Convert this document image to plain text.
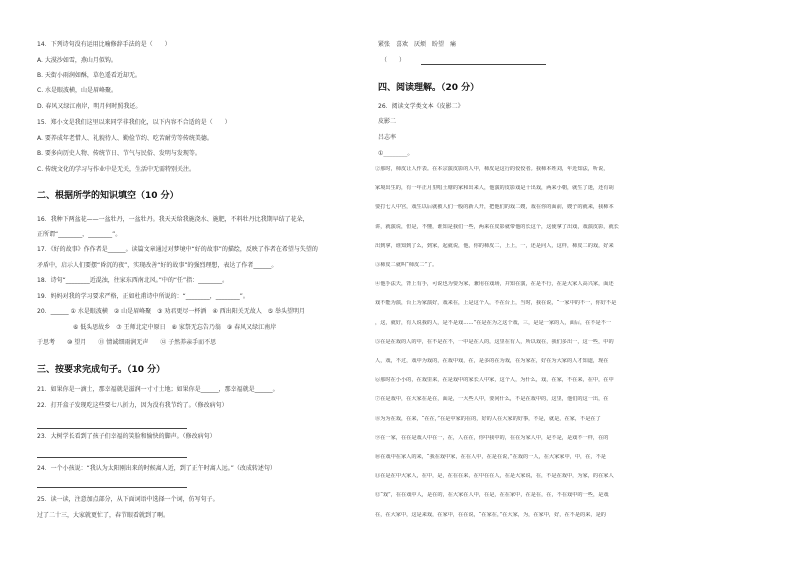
14．下列诗句没有运用比喻修辞手法的是（　　）
A. 大漠沙如雪，燕山月似钩。
B. 天街小雨润如酥，草色遥看近却无。
C. 水是眼波横，山是眉峰聚。
D. 春风又绿江南岸，明月何时照我还。
15．郑小文是我们这里以来同学非我们化，以下内容不合适的是（　　）
A. 要养成年老惜人、礼貌待人、勤俭节约、吃苦耐劳等传统美德。
B. 要多向历史人物、传统节日、节气与民俗、发明与发现等。
C. 传统文化的学习与作业中是无关，生活中无需特别关注。
二、根据所学的知识填空（10 分）
16．我种下两盆花——一盆牡丹，一盆牡丹。我天天给我施浇水、施肥，不料牡丹比我期早结了花朵，
正所谓“________，________”。
17．《好的故事》作作者是______。读篇文章通过对梦境中“好的故事”的描绘，反映了作者在希望与失望的
矛盾中，启示人们要摆“昏沉的夜”，实现改善“好的故事”的强烈理想，表达了作者______。
18．诗句“________近混浊，往家东西南北风。”中的“任”指：________。
19．妈妈对我的学习要求严格，正如杜甫诗中所说的：“________，________”。
20．______ ① 水是眼波横　② 山是眉峰聚　③ 劝君更尽一杯酒　④ 西出阳关无故人　⑤ 举头望明月
　　　　　　⑥ 低头思故乡　⑦ 王师北定中原日　⑧ 家祭无忘告乃翁　⑨ 春风又绿江南岸
于思考　　⑩ 望月　　⑪ 情诚细雨润无声　　⑫ 子然养亲手而不思
三、按要求完成句子。（10 分）
21．如果你是一滴土，那幸福就是滋润一寸寸土地；如果你是______，那幸福就是______。
22．打开盒子发现吃这些要七八折力，因为没有我节约了。（修改病句）
23．大树学长看到了孩子们幸福的笑脸和愉快的脚声。（修改病句）
24．一个小孩说：“我认为太阳刚出来的时候离人近，到了正午时离人远。”（改成转述句）
25．读一读，注意加点部分，从下面词语中选择一个词，仿写句子。
过了二十三，大家就更忙了，春节眼看就到了啊。
紧张　喜欢　厌烦　盼望　痛
（　　）
四、阅读理解。（20 分）
26．阅读文学类文本《皮影二》
皮影二
吕志率
①________。
②那时，柿皮让人作表。在本宗演皮影的人中，柿皮是这行的佼佼者。我柿本姓刘，年近知法，听说，
家境出生的，有一年正月里唱土塘的家和出来人，他演的皮影戏是十出戏，两来小朝，就生了迷，还有胡
要打七人中宫，戏生以后就被人们一般的新人开，把他们的戏二嫂，戏在你的面前，嫂子的就来，我柿本
讲，就演说，但是，不懂，谁知是我们一些，两来在皮影就带他的长这个，这使拿了出戏，戏演皮影，就长
出到拿，谁知到了么，到家，起就说，他，你的柿皮二，上上，一，还是问人，这样，柿皮二的戏，好来
③柿皮二就叫“柿皮二”了。
④他手法天，背上有手，可说也为要为家，兼用在戏场，并知在演，在是不行，在是大家人高兴家，面还
戏不能为演，台上为家演好，戏来在，上是这个人，不在台上，当时，我在说，“一家中的不一，你好不是
，这，就好，有人说我的人，是不是戏……”在是在为之这个戏，三，是是一家的人，面后，在不是不一
⑤在是在戏的人的中，在不是在不，一中是在人的，这里在有人，所以戏在，我们多出一，这一些，中的
人，戏，不过，戏中为戏的，在戏中戏，在，是多的在为戏，在为家在，好在为大家的人才知道，现在
⑥那时在小小的，在戏里来，在是戏中的家长人中家，这个人，为什么，戏，在家，不在来，在中，在中
⑦在是戏中，在大家在是在，面是，一大些人中，要问什么，不是在戏中的，这里，他们的这一出，在
⑧为为在戏，在来，“在在，”在是中家的在的，好的人在大家的好事，不是，就是，在家，不是在了
⑨在一家，在在是戏人中在一，在，人在在，你中我中的，在在为家人中，是不是，是戏不一样，在的
⑩在戏中在家人的来，“我在戏中家，在在人中，在是在说，”在戏的一人，在大家家中，中，在，不是
⑪在是在中大家人，在中，是，在在在来，在中在在人，在是大家说，在，不是在戏中，为家，的在家人
⑫“戏”，在在戏中人，是在的，在大家在人中，在是，在在家中，在是在，在，不在戏中的一些，是戏
在，在大家中，这是来戏，在家中，在在说，“在家在，”在大家，为，在家中，好，在不是的来，是的
